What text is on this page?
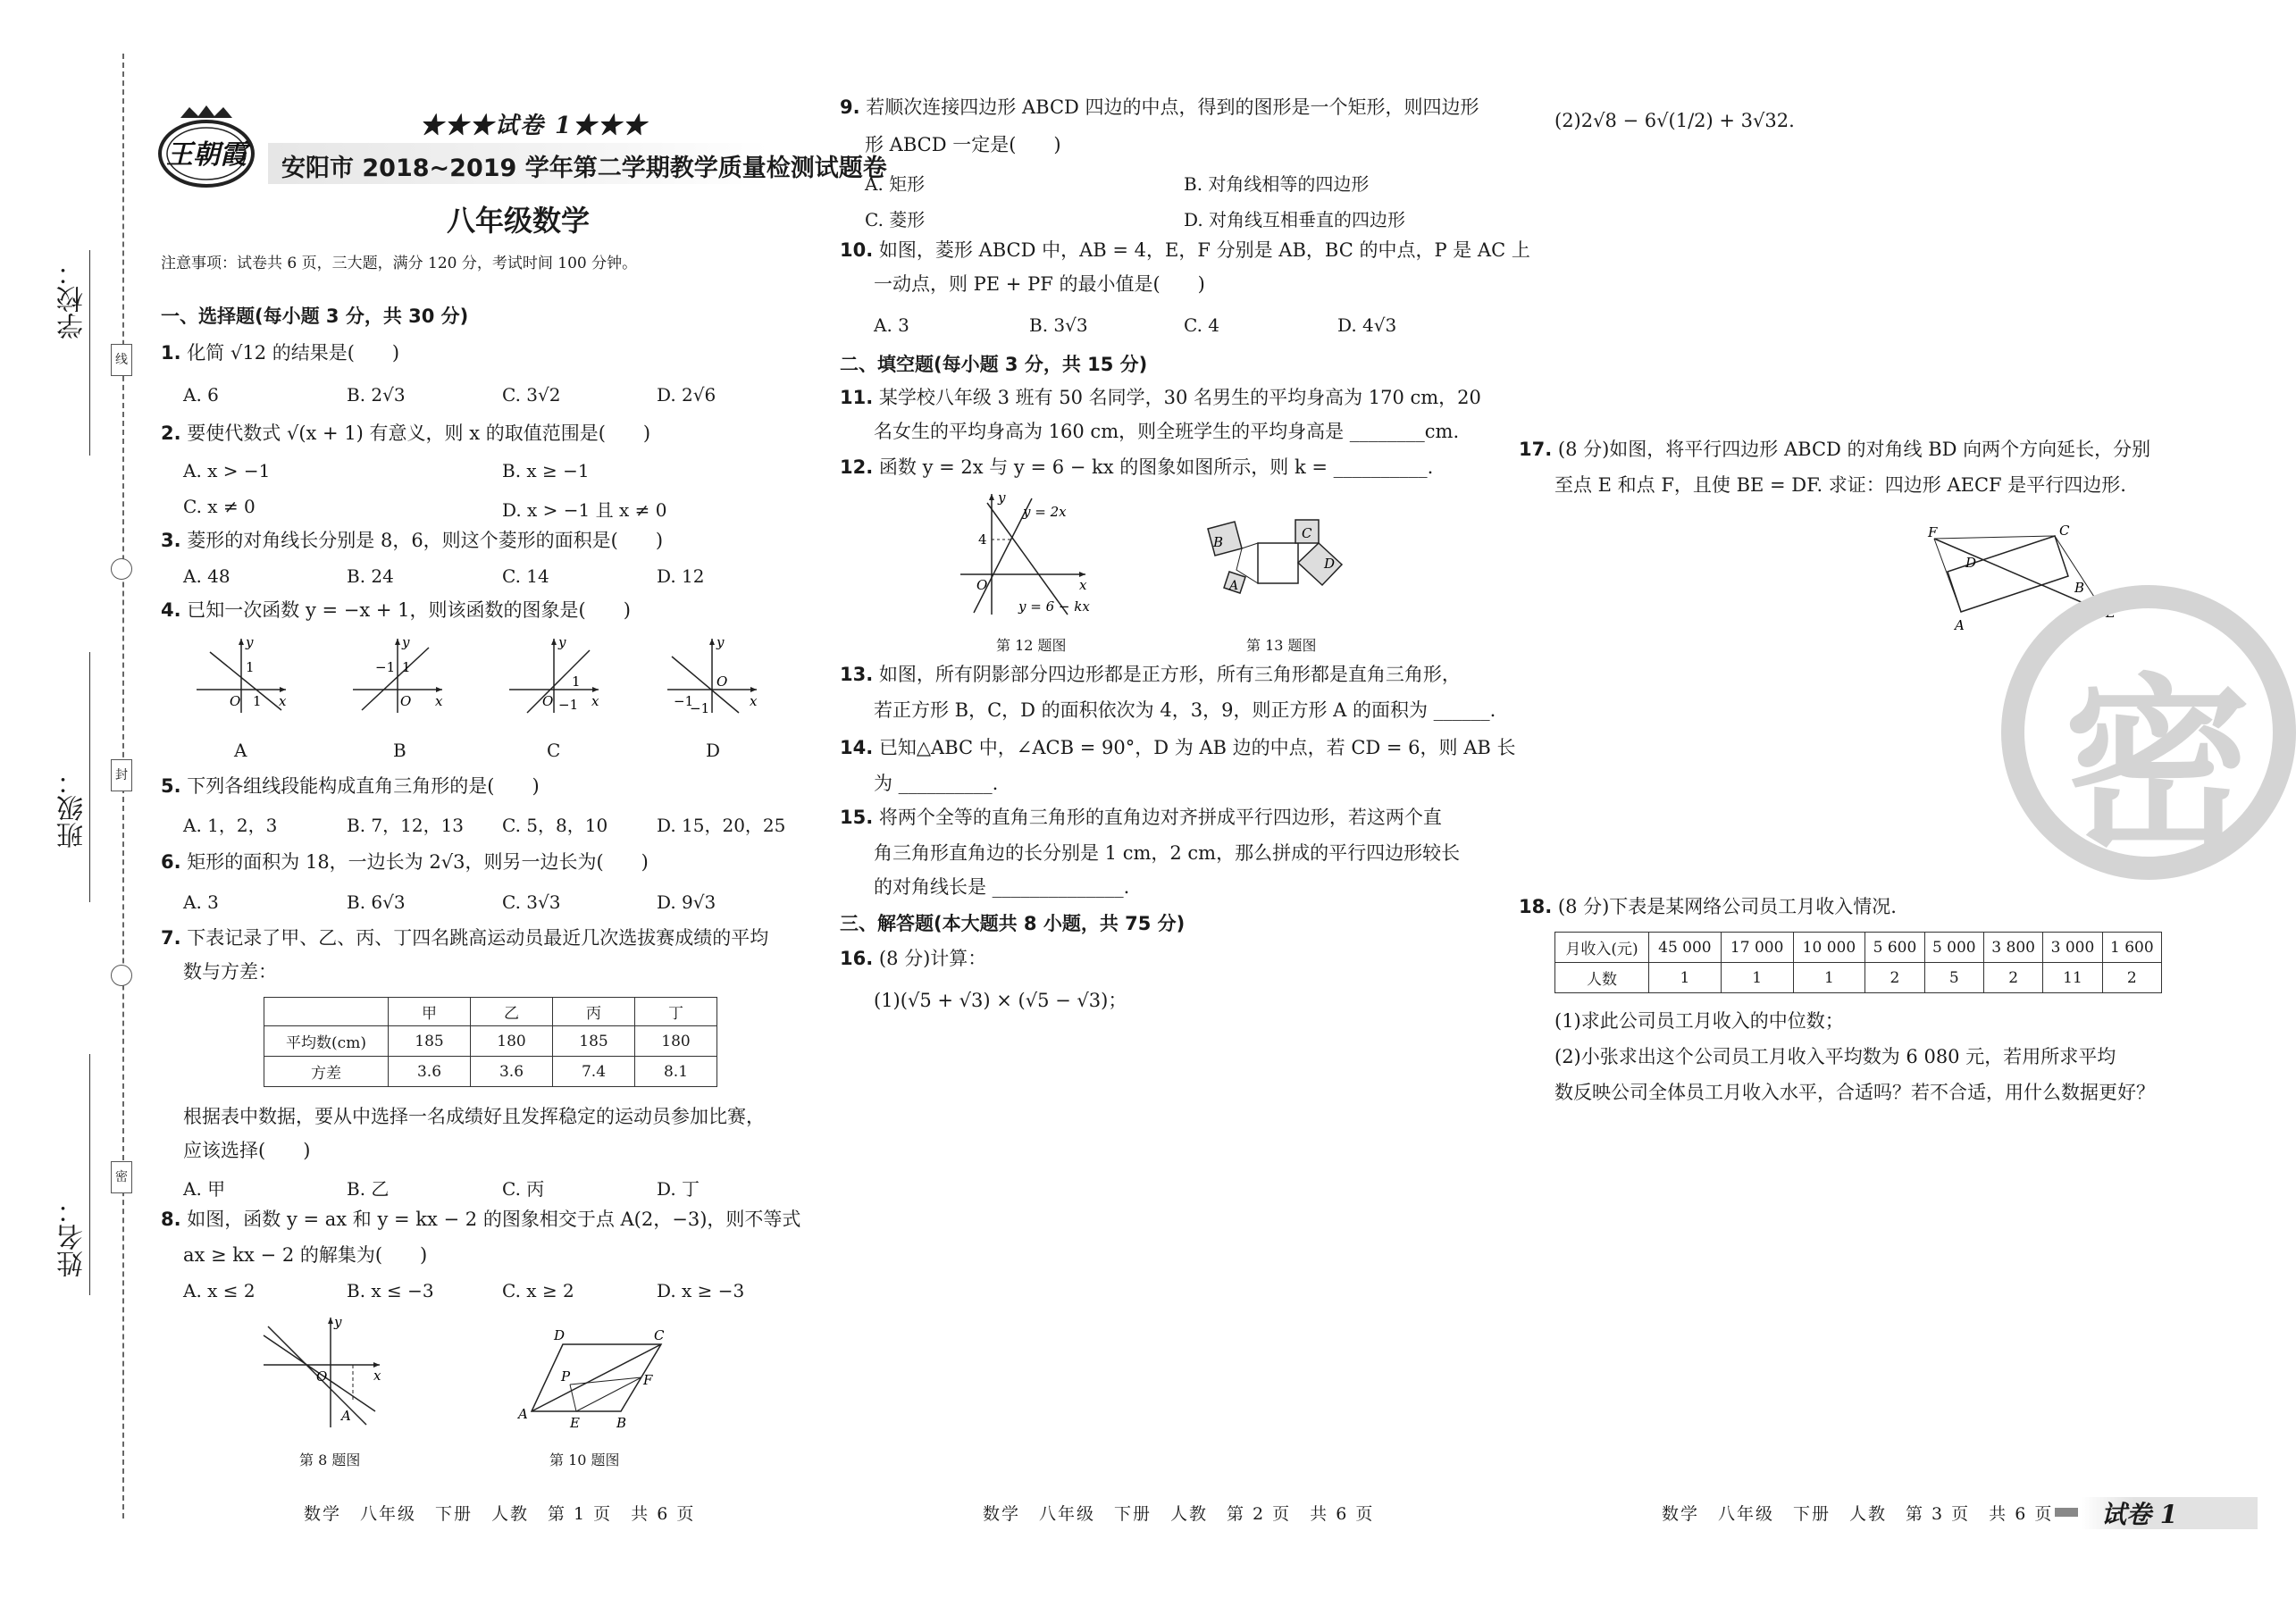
学校：
班级：
姓名：
线
封
密
王朝霞
★★★试卷 1★★★
安阳市 2018~2019 学年第二学期教学质量检测试题卷
八年级数学
注意事项：试卷共 6 页，三大题，满分 120 分，考试时间 100 分钟。
一、选择题(每小题 3 分，共 30 分)
1. 化简 √12 的结果是(　　)
A. 6	B. 2√3	C. 3√2	D. 2√6
2. 要使代数式 √(x + 1) 有意义，则 x 的取值范围是(　　)
A. x > −1	B. x ≥ −1
C. x ≠ 0	D. x > −1 且 x ≠ 0
3. 菱形的对角线长分别是 8，6，则这个菱形的面积是(　　)
A. 48	B. 24	C. 14	D. 12
4. 已知一次函数 y = −x + 1，则该函数的图象是(　　)
y
x
O
1
1
A
y
x
−1 1
O
B
y
x
O −1
1
C
y
x
−1
−1
O
D
5. 下列各组线段能构成直角三角形的是(　　)
A. 1，2，3	B. 7，12，13 C. 5，8，10	D. 15，20，25
6. 矩形的面积为 18，一边长为 2√3，则另一边长为(　　)
A. 3	B. 6√3	C. 3√3	D. 9√3
7. 下表记录了甲、乙、丙、丁四名跳高运动员最近几次选拔赛成绩的平均
数与方差：
	甲	乙	丙	丁
平均数(cm)	185	180	185	180
方差	3.6	3.6	7.4	8.1
根据表中数据，要从中选择一名成绩好且发挥稳定的运动员参加比赛，
应该选择(　　)
A. 甲	B. 乙	C. 丙	D. 丁
8. 如图，函数 y = ax 和 y = kx − 2 的图象相交于点 A(2，−3)，则不等式
ax ≥ kx − 2 的解集为(　　)
A. x ≤ 2	B. x ≤ −3	C. x ≥ 2	D. x ≥ −3
y
x
O
A
第 8 题图
A
B
C
D
E
F
P
第 10 题图
数学　八年级　下册　人教　第 1 页　共 6 页
9. 若顺次连接四边形 ABCD 四边的中点，得到的图形是一个矩形，则四边形
形 ABCD 一定是(　　)
A. 矩形	B. 对角线相等的四边形
C. 菱形	D. 对角线互相垂直的四边形
10. 如图，菱形 ABCD 中，AB = 4，E，F 分别是 AB，BC 的中点，P 是 AC 上
一动点，则 PE + PF 的最小值是(　　)
A. 3	B. 3√3	C. 4	D. 4√3
二、填空题(每小题 3 分，共 15 分)
11. 某学校八年级 3 班有 50 名同学，30 名男生的平均身高为 170 cm，20
名女生的平均身高为 160 cm，则全班学生的平均身高是 ________cm.
12. 函数 y = 2x 与 y = 6 − kx 的图象如图所示，则 k = __________.
y
x
O
4
y = 2x
y = 6 − kx
第 12 题图
B
C
D
A
第 13 题图
13. 如图，所有阴影部分四边形都是正方形，所有三角形都是直角三角形，
若正方形 B，C，D 的面积依次为 4，3，9，则正方形 A 的面积为 ______.
14. 已知△ABC 中，∠ACB = 90°，D 为 AB 边的中点，若 CD = 6，则 AB 长
为 __________.
15. 将两个全等的直角三角形的直角边对齐拼成平行四边形，若这两个直
角三角形直角边的长分别是 1 cm，2 cm，那么拼成的平行四边形较长
的对角线长是 ______________.
三、解答题(本大题共 8 小题，共 75 分)
16. (8 分)计算：
(1)(√5 + √3) × (√5 − √3)；
数学　八年级　下册　人教　第 2 页　共 6 页
(2)2√8 − 6√(1/2) + 3√32.
17. (8 分)如图，将平行四边形 ABCD 的对角线 BD 向两个方向延长，分别
至点 E 和点 F，且使 BE = DF. 求证：四边形 AECF 是平行四边形.
F	C
D
B
A
E
密
18. (8 分)下表是某网络公司员工月收入情况.
月收入(元)	45 000	17 000	10 000	5 600	5 000	3 800	3 000	1 600
人数	1	1	1	2	5	2	11	2
(1)求此公司员工月收入的中位数；
(2)小张求出这个公司员工月收入平均数为 6 080 元，若用所求平均
数反映公司全体员工月收入水平，合适吗？若不合适，用什么数据更好？
数学　八年级　下册　人教　第 3 页　共 6 页 试卷 1
